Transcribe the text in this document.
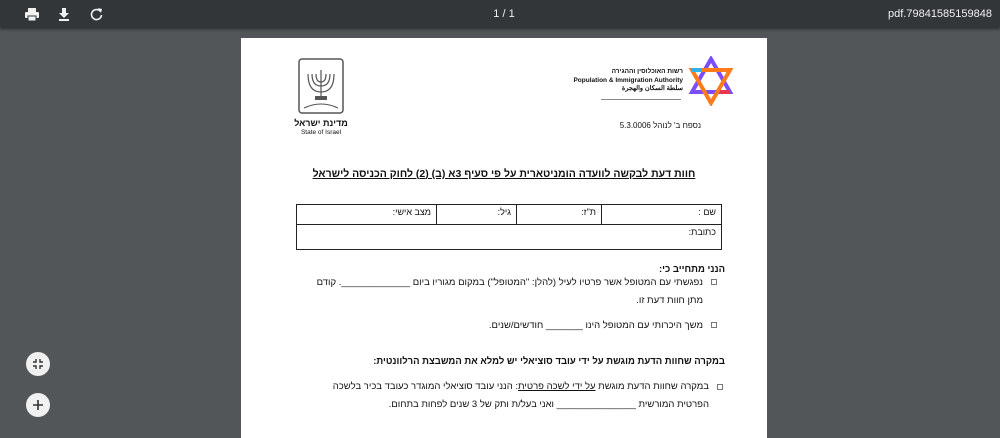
1 / 1	pdf.79841585159848
מדינת ישראל
State of Israel
רשות האוכלוסין וההגירה
Population & Immigration Authority
سلطة السكان والهجرة
נספח ב' לנוהל 5.3.0006
חוות דעת לבקשה לוועדה הומניטארית על פי סעיף 3א (ב) (2) לחוק הכניסה לישראל
שם :	ת"ז:	גיל:	מצב אישי:
כתובת:
הנני מתחייב כי:
נפגשתי עם המטופל אשר פרטיו לעיל (להלן: "המטופל") במקום מגוריו ביום _____________. קודם
מתן חוות דעת זו.
משך היכרותי עם המטופל הינו _______ חודשים/שנים.
במקרה שחוות הדעת מוגשת על ידי עובד סוציאלי יש למלא את המשבצת הרלוונטית:
במקרה שחוות הדעת מוגשת על ידי לשכה פרטית: הנני עובד סוציאלי המוגדר כעובד בכיר בלשכה
הפרטית המורשית _______________ ואני בעל/ת ותק של 3 שנים לפחות בתחום.
